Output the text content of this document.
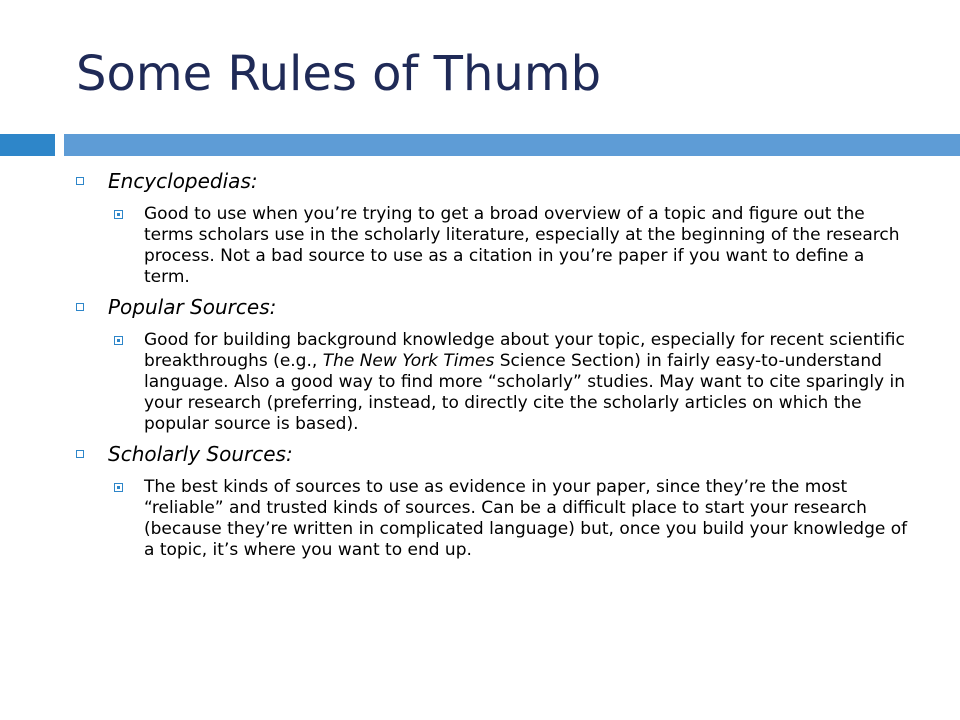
Some Rules of Thumb
Encyclopedias:
Good to use when you’re trying to get a broad overview of a topic and figure out the terms scholars use in the scholarly literature, especially at the beginning of the research process. Not a bad source to use as a citation in you’re paper if you want to define a term.
Popular Sources:
Good for building background knowledge about your topic, especially for recent scientific breakthroughs (e.g., The New York Times Science Section) in fairly easy-to-understand language. Also a good way to find more “scholarly” studies. May want to cite sparingly in your research (preferring, instead, to directly cite the scholarly articles on which the popular source is based).
Scholarly Sources:
The best kinds of sources to use as evidence in your paper, since they’re the most “reliable” and trusted kinds of sources. Can be a difficult place to start your research (because they’re written in complicated language) but, once you build your knowledge of a topic, it’s where you want to end up.
